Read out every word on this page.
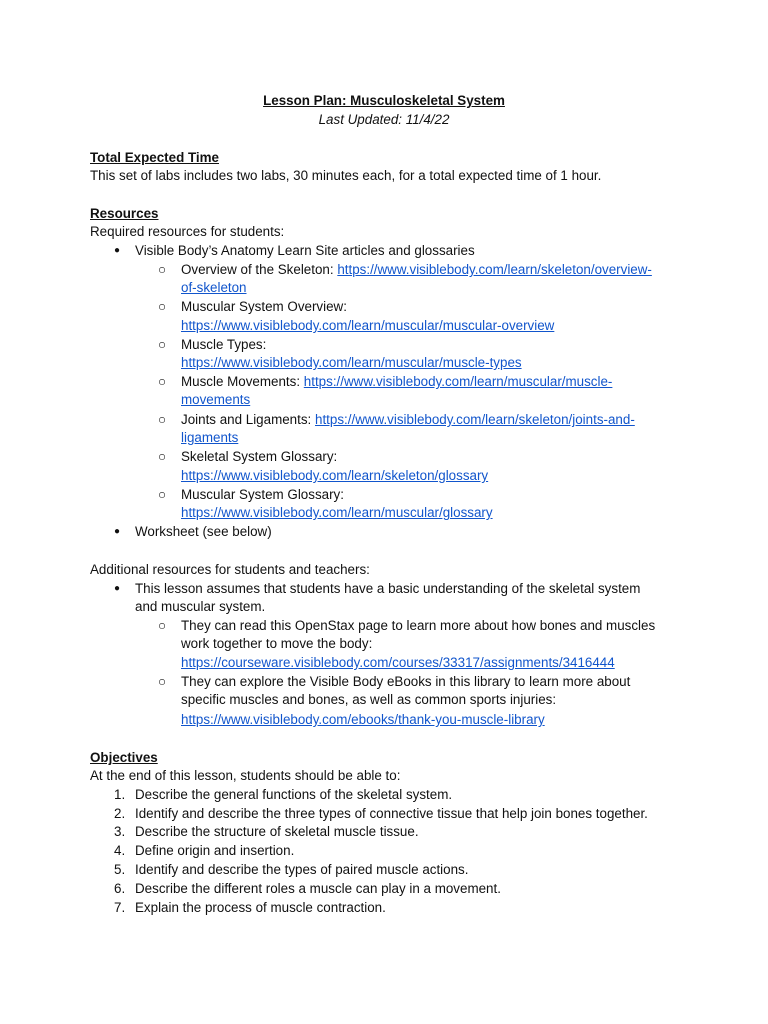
Lesson Plan: Musculoskeletal System
Last Updated: 11/4/22
Total Expected Time
This set of labs includes two labs, 30 minutes each, for a total expected time of 1 hour.
Resources
Required resources for students:
● Visible Body’s Anatomy Learn Site articles and glossaries
○ Overview of the Skeleton: https://www.visiblebody.com/learn/skeleton/overview-
of-skeleton
○ Muscular System Overview:
https://www.visiblebody.com/learn/muscular/muscular-overview
○ Muscle Types:
https://www.visiblebody.com/learn/muscular/muscle-types
○ Muscle Movements: https://www.visiblebody.com/learn/muscular/muscle-
movements
○ Joints and Ligaments: https://www.visiblebody.com/learn/skeleton/joints-and-
ligaments
○ Skeletal System Glossary:
https://www.visiblebody.com/learn/skeleton/glossary
○ Muscular System Glossary:
https://www.visiblebody.com/learn/muscular/glossary
● Worksheet (see below)
Additional resources for students and teachers:
● This lesson assumes that students have a basic understanding of the skeletal system
and muscular system.
○ They can read this OpenStax page to learn more about how bones and muscles
work together to move the body:
https://courseware.visiblebody.com/courses/33317/assignments/3416444
○ They can explore the Visible Body eBooks in this library to learn more about
specific muscles and bones, as well as common sports injuries:
https://www.visiblebody.com/ebooks/thank-you-muscle-library
Objectives
At the end of this lesson, students should be able to:
1. Describe the general functions of the skeletal system.
2. Identify and describe the three types of connective tissue that help join bones together.
3. Describe the structure of skeletal muscle tissue.
4. Define origin and insertion.
5. Identify and describe the types of paired muscle actions.
6. Describe the different roles a muscle can play in a movement.
7. Explain the process of muscle contraction.
